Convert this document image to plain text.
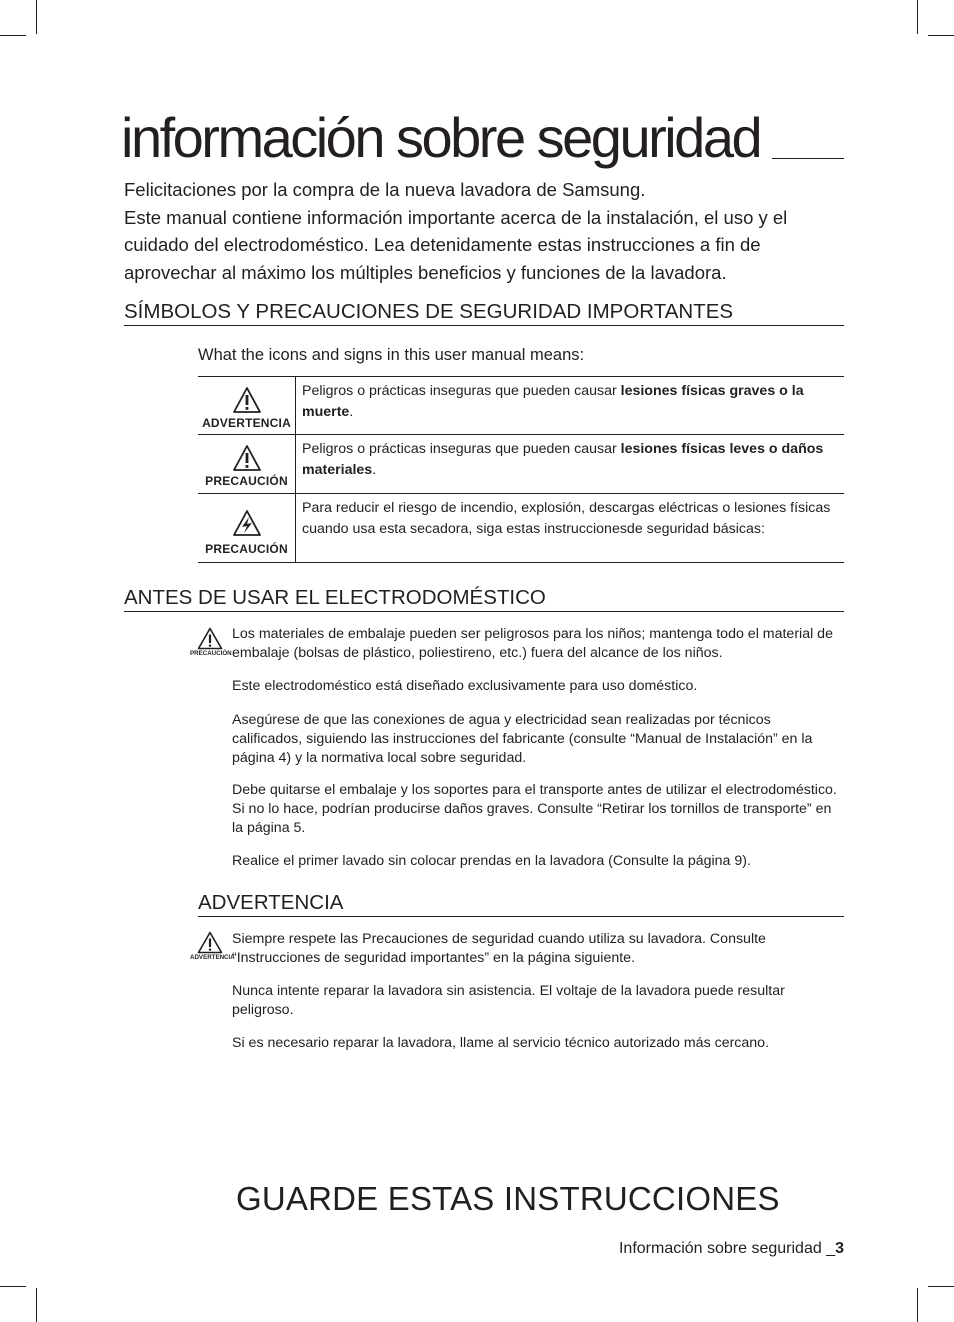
información sobre seguridad

Felicitaciones por la compra de la nueva lavadora de Samsung.

Este manual contiene información importante acerca de la instalación, el uso y el cuidado del electrodoméstico. Lea detenidamente estas instrucciones a fin de aprovechar al máximo los múltiples beneficios y funciones de la lavadora.

SÍMBOLOS Y PRECAUCIONES DE SEGURIDAD IMPORTANTES

What the icons and signs in this user manual means:

ADVERTENCIA	Peligros o prácticas inseguras que pueden causar lesiones físicas graves o la muerte.

PRECAUCIÓN	Peligros o prácticas inseguras que pueden causar lesiones físicas leves o daños materiales.

PRECAUCIÓN	Para reducir el riesgo de incendio, explosión, descargas eléctricas o lesiones físicas cuando usa esta secadora, siga estas instruccionesde seguridad básicas:
ANTES DE USAR EL ELECTRODOMÉSTICO
PRECAUCIÓN

Los materiales de embalaje pueden ser peligrosos para los niños; mantenga todo el material de embalaje (bolsas de plástico, poliestireno, etc.) fuera del alcance de los niños.

Este electrodoméstico está diseñado exclusivamente para uso doméstico.

Asegúrese de que las conexiones de agua y electricidad sean realizadas por técnicos calificados, siguiendo las instrucciones del fabricante (consulte “Manual de Instalación” en la página 4) y la normativa local sobre seguridad.

Debe quitarse el embalaje y los soportes para el transporte antes de utilizar el electrodoméstico. Si no lo hace, podrían producirse daños graves. Consulte “Retirar los tornillos de transporte” en la página 5.

Realice el primer lavado sin colocar prendas en la lavadora (Consulte la página 9).

ADVERTENCIA
ADVERTENCIA

Siempre respete las Precauciones de seguridad cuando utiliza su lavadora. Consulte “Instrucciones de seguridad importantes” en la página siguiente.

Nunca intente reparar la lavadora sin asistencia. El voltaje de la lavadora puede resultar peligroso.

Si es necesario reparar la lavadora, llame al servicio técnico autorizado más cercano.

GUARDE ESTAS INSTRUCCIONES
Información sobre seguridad _3
